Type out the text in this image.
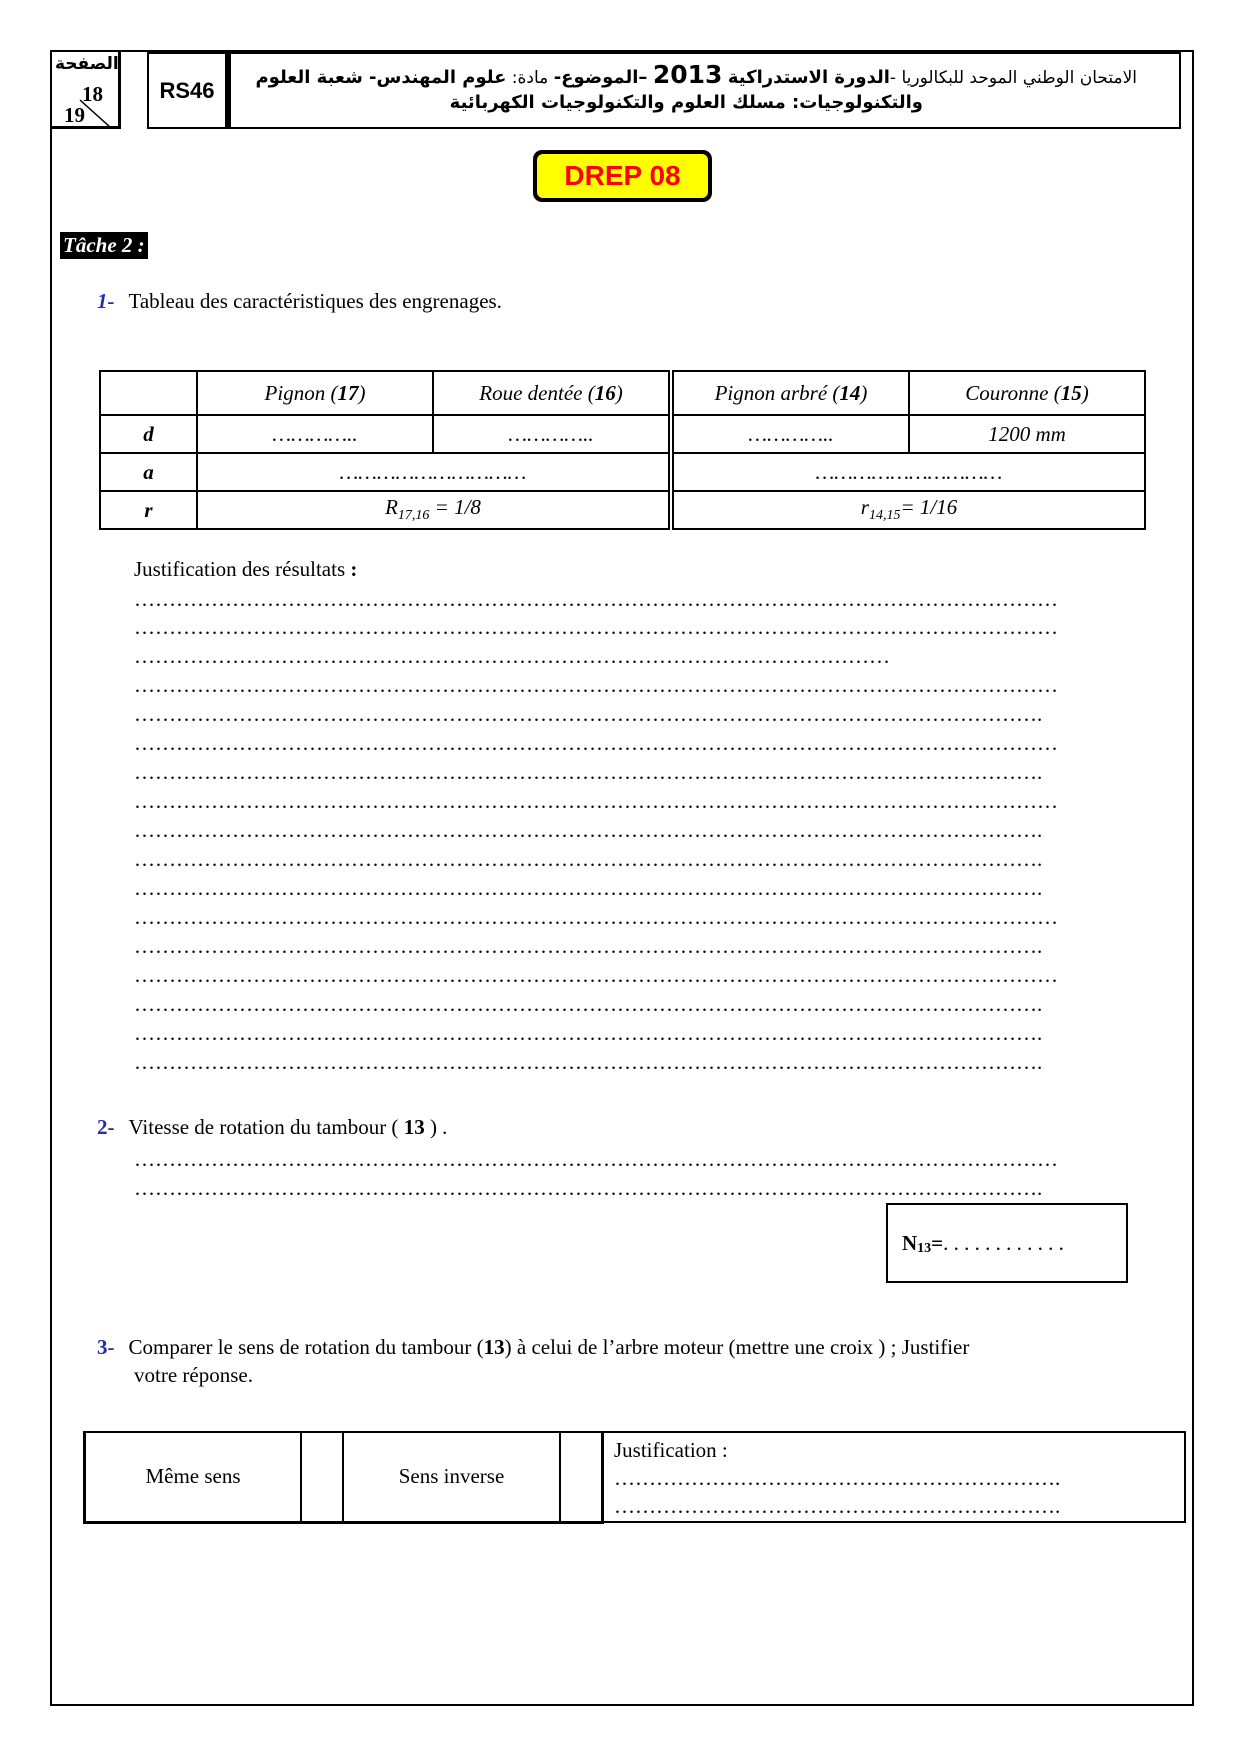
الصفحة
18
19
RS46	الامتحان الوطني الموحد للبكالوريا -الدورة الاستدراكية 2013 –الموضوع- مادة: علوم المهندس- شعبة العلوم
والتكنولوجيات: مسلك العلوم والتكنولوجيات الكهربائية
DREP 08
Tâche 2 :
1- Tableau des caractéristiques des engrenages.
	Pignon (17)	Roue dentée (16)	Pignon arbré (14)	Couronne (15)
d	…………..	…………..	…………..	1200 mm
a	…………………………		…………………………	
r	$R_{17,16} = 1/8$		$r_{14,15}= 1/16$	
Justification des résultats :
……………………………………………………………………………………………………………………
……………………………………………………………………………………………………………………
………………………………………………………………………………………………
……………………………………………………………………………………………………………………
………………………………………………………………………………………………………………….
……………………………………………………………………………………………………………………
………………………………………………………………………………………………………………….
……………………………………………………………………………………………………………………
………………………………………………………………………………………………………………….
………………………………………………………………………………………………………………….
………………………………………………………………………………………………………………….
……………………………………………………………………………………………………………………
………………………………………………………………………………………………………………….
……………………………………………………………………………………………………………………
………………………………………………………………………………………………………………….
………………………………………………………………………………………………………………….
………………………………………………………………………………………………………………….
2- Vitesse de rotation du tambour ( 13 ) .
……………………………………………………………………………………………………………………
………………………………………………………………………………………………………………….
N $_{13}$ = . . . . . . . . . . . .
3- Comparer le sens de rotation du tambour (13) à celui de l’arbre moteur (mettre une croix ) ; Justifier
votre réponse.
Même sens		Sens inverse		
Justification :
……………………………………………………….
……………………………………………………….
